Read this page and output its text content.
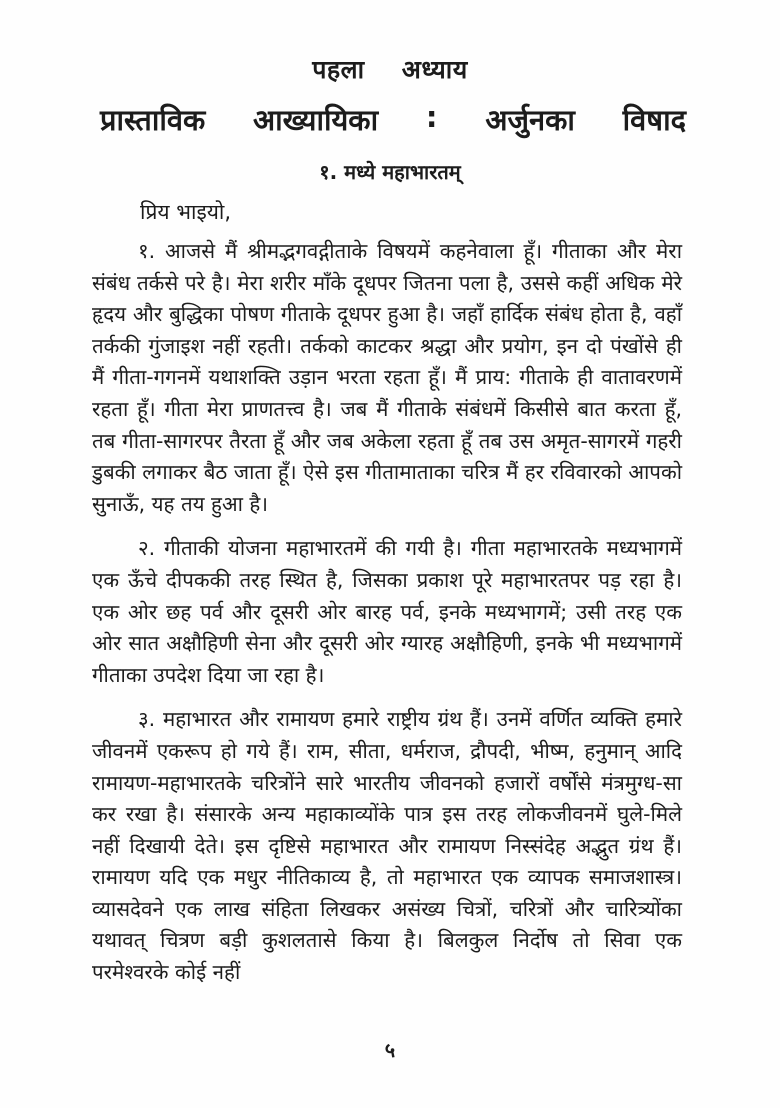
पहला अध्याय
प्रास्ताविक आख्यायिका : अर्जुनका विषाद
१. मध्ये महाभारतम्
प्रिय भाइयो,

१. आजसे मैं श्रीमद्भगवद्गीताके विषयमें कहनेवाला हूँ। गीताका और मेरा संबंध तर्कसे परे है। मेरा शरीर माँके दूधपर जितना पला है, उससे कहीं अधिक मेरे हृदय और बुद्धिका पोषण गीताके दूधपर हुआ है। जहाँ हार्दिक संबंध होता है, वहाँ तर्ककी गुंजाइश नहीं रहती। तर्कको काटकर श्रद्धा और प्रयोग, इन दो पंखोंसे ही मैं गीता-गगनमें यथाशक्ति उड़ान भरता रहता हूँ। मैं प्राय: गीताके ही वातावरणमें रहता हूँ। गीता मेरा प्राणतत्त्व है। जब मैं गीताके संबंधमें किसीसे बात करता हूँ, तब गीता-सागरपर तैरता हूँ और जब अकेला रहता हूँ तब उस अमृत-सागरमें गहरी डुबकी लगाकर बैठ जाता हूँ। ऐसे इस गीतामाताका चरित्र मैं हर रविवारको आपको सुनाऊँ, यह तय हुआ है।

२. गीताकी योजना महाभारतमें की गयी है। गीता महाभारतके मध्यभागमें एक ऊँचे दीपककी तरह स्थित है, जिसका प्रकाश पूरे महाभारतपर पड़ रहा है। एक ओर छह पर्व और दूसरी ओर बारह पर्व, इनके मध्यभागमें; उसी तरह एक ओर सात अक्षौहिणी सेना और दूसरी ओर ग्यारह अक्षौहिणी, इनके भी मध्यभागमें गीताका उपदेश दिया जा रहा है।

३. महाभारत और रामायण हमारे राष्ट्रीय ग्रंथ हैं। उनमें वर्णित व्यक्ति हमारे जीवनमें एकरूप हो गये हैं। राम, सीता, धर्मराज, द्रौपदी, भीष्म, हनुमान् आदि रामायण-महाभारतके चरित्रोंने सारे भारतीय जीवनको हजारों वर्षोंसे मंत्रमुग्ध-सा कर रखा है। संसारके अन्य महाकाव्योंके पात्र इस तरह लोकजीवनमें घुले-मिले नहीं दिखायी देते। इस दृष्टिसे महाभारत और रामायण निस्संदेह अद्भुत ग्रंथ हैं। रामायण यदि एक मधुर नीतिकाव्य है, तो महाभारत एक व्यापक समाजशास्त्र। व्यासदेवने एक लाख संहिता लिखकर असंख्य चित्रों, चरित्रों और चारित्र्योंका यथावत् चित्रण बड़ी कुशलतासे किया है। बिलकुल निर्दोष तो सिवा एक परमेश्वरके कोई नहीं

५
